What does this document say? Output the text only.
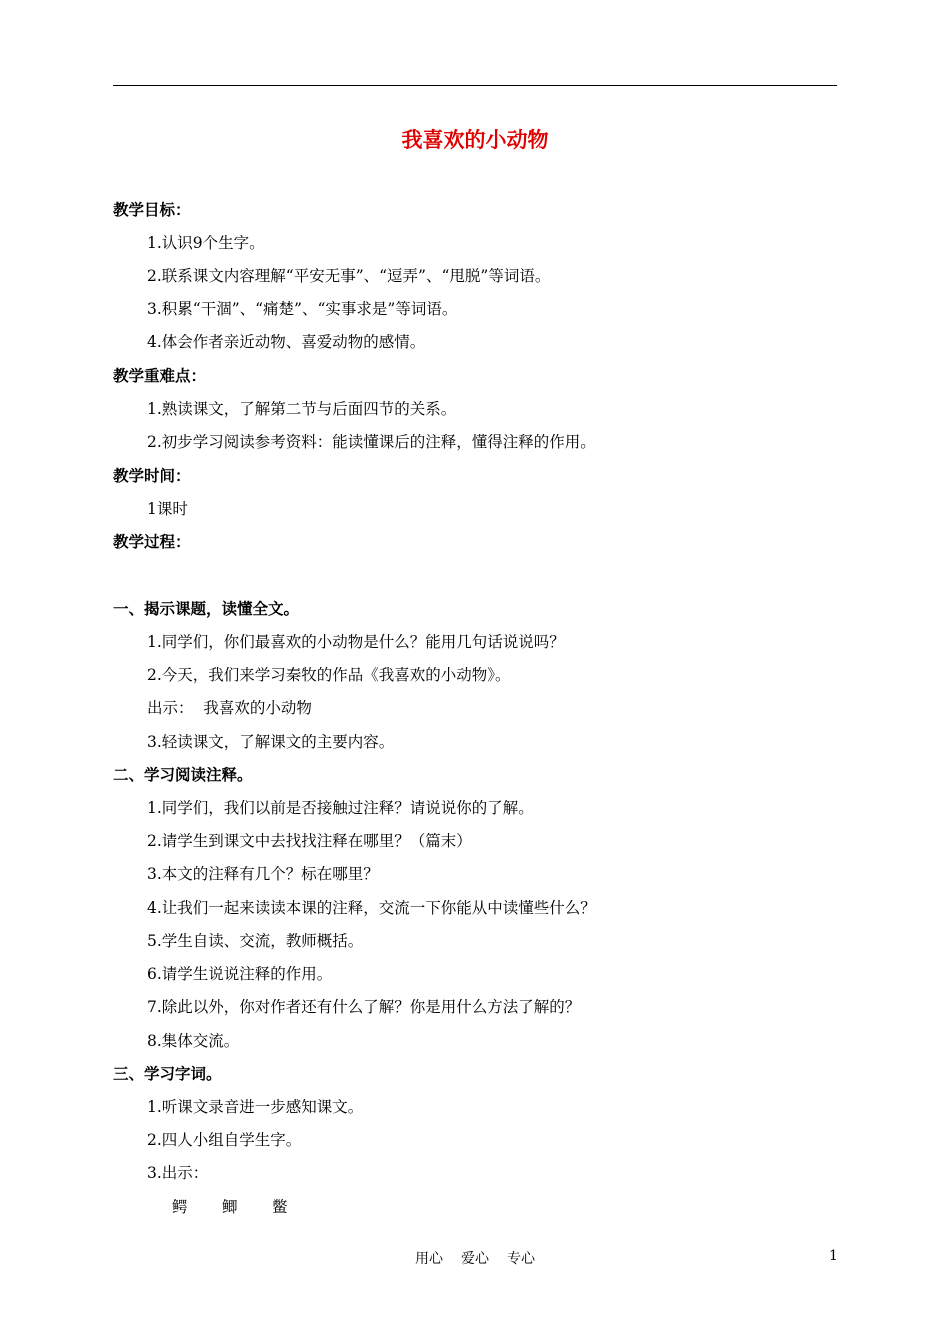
我喜欢的小动物
教学目标：
1.认识9个生字。
2.联系课文内容理解“平安无事”、“逗弄”、“甩脱”等词语。
3.积累“干涸”、“痛楚”、“实事求是”等词语。
4.体会作者亲近动物、喜爱动物的感情。
教学重难点：
1.熟读课文，了解第二节与后面四节的关系。
2.初步学习阅读参考资料：能读懂课后的注释，懂得注释的作用。
教学时间：
1课时
教学过程：
一、揭示课题，读懂全文。
1.同学们，你们最喜欢的小动物是什么？能用几句话说说吗？
2.今天，我们来学习秦牧的作品《我喜欢的小动物》。
出示：  我喜欢的小动物
3.轻读课文，了解课文的主要内容。
二、学习阅读注释。
1.同学们，我们以前是否接触过注释？请说说你的了解。
2.请学生到课文中去找找注释在哪里？（篇末）
3.本文的注释有几个？标在哪里？
4.让我们一起来读读本课的注释，交流一下你能从中读懂些什么？
5.学生自读、交流，教师概括。
6.请学生说说注释的作用。
7.除此以外，你对作者还有什么了解？你是用什么方法了解的？
8.集体交流。
三、学习字词。
1.听课文录音进一步感知课文。
2.四人小组自学生字。
3.出示：
鳄 鲫 鳖
用心 爱心 专心	1
